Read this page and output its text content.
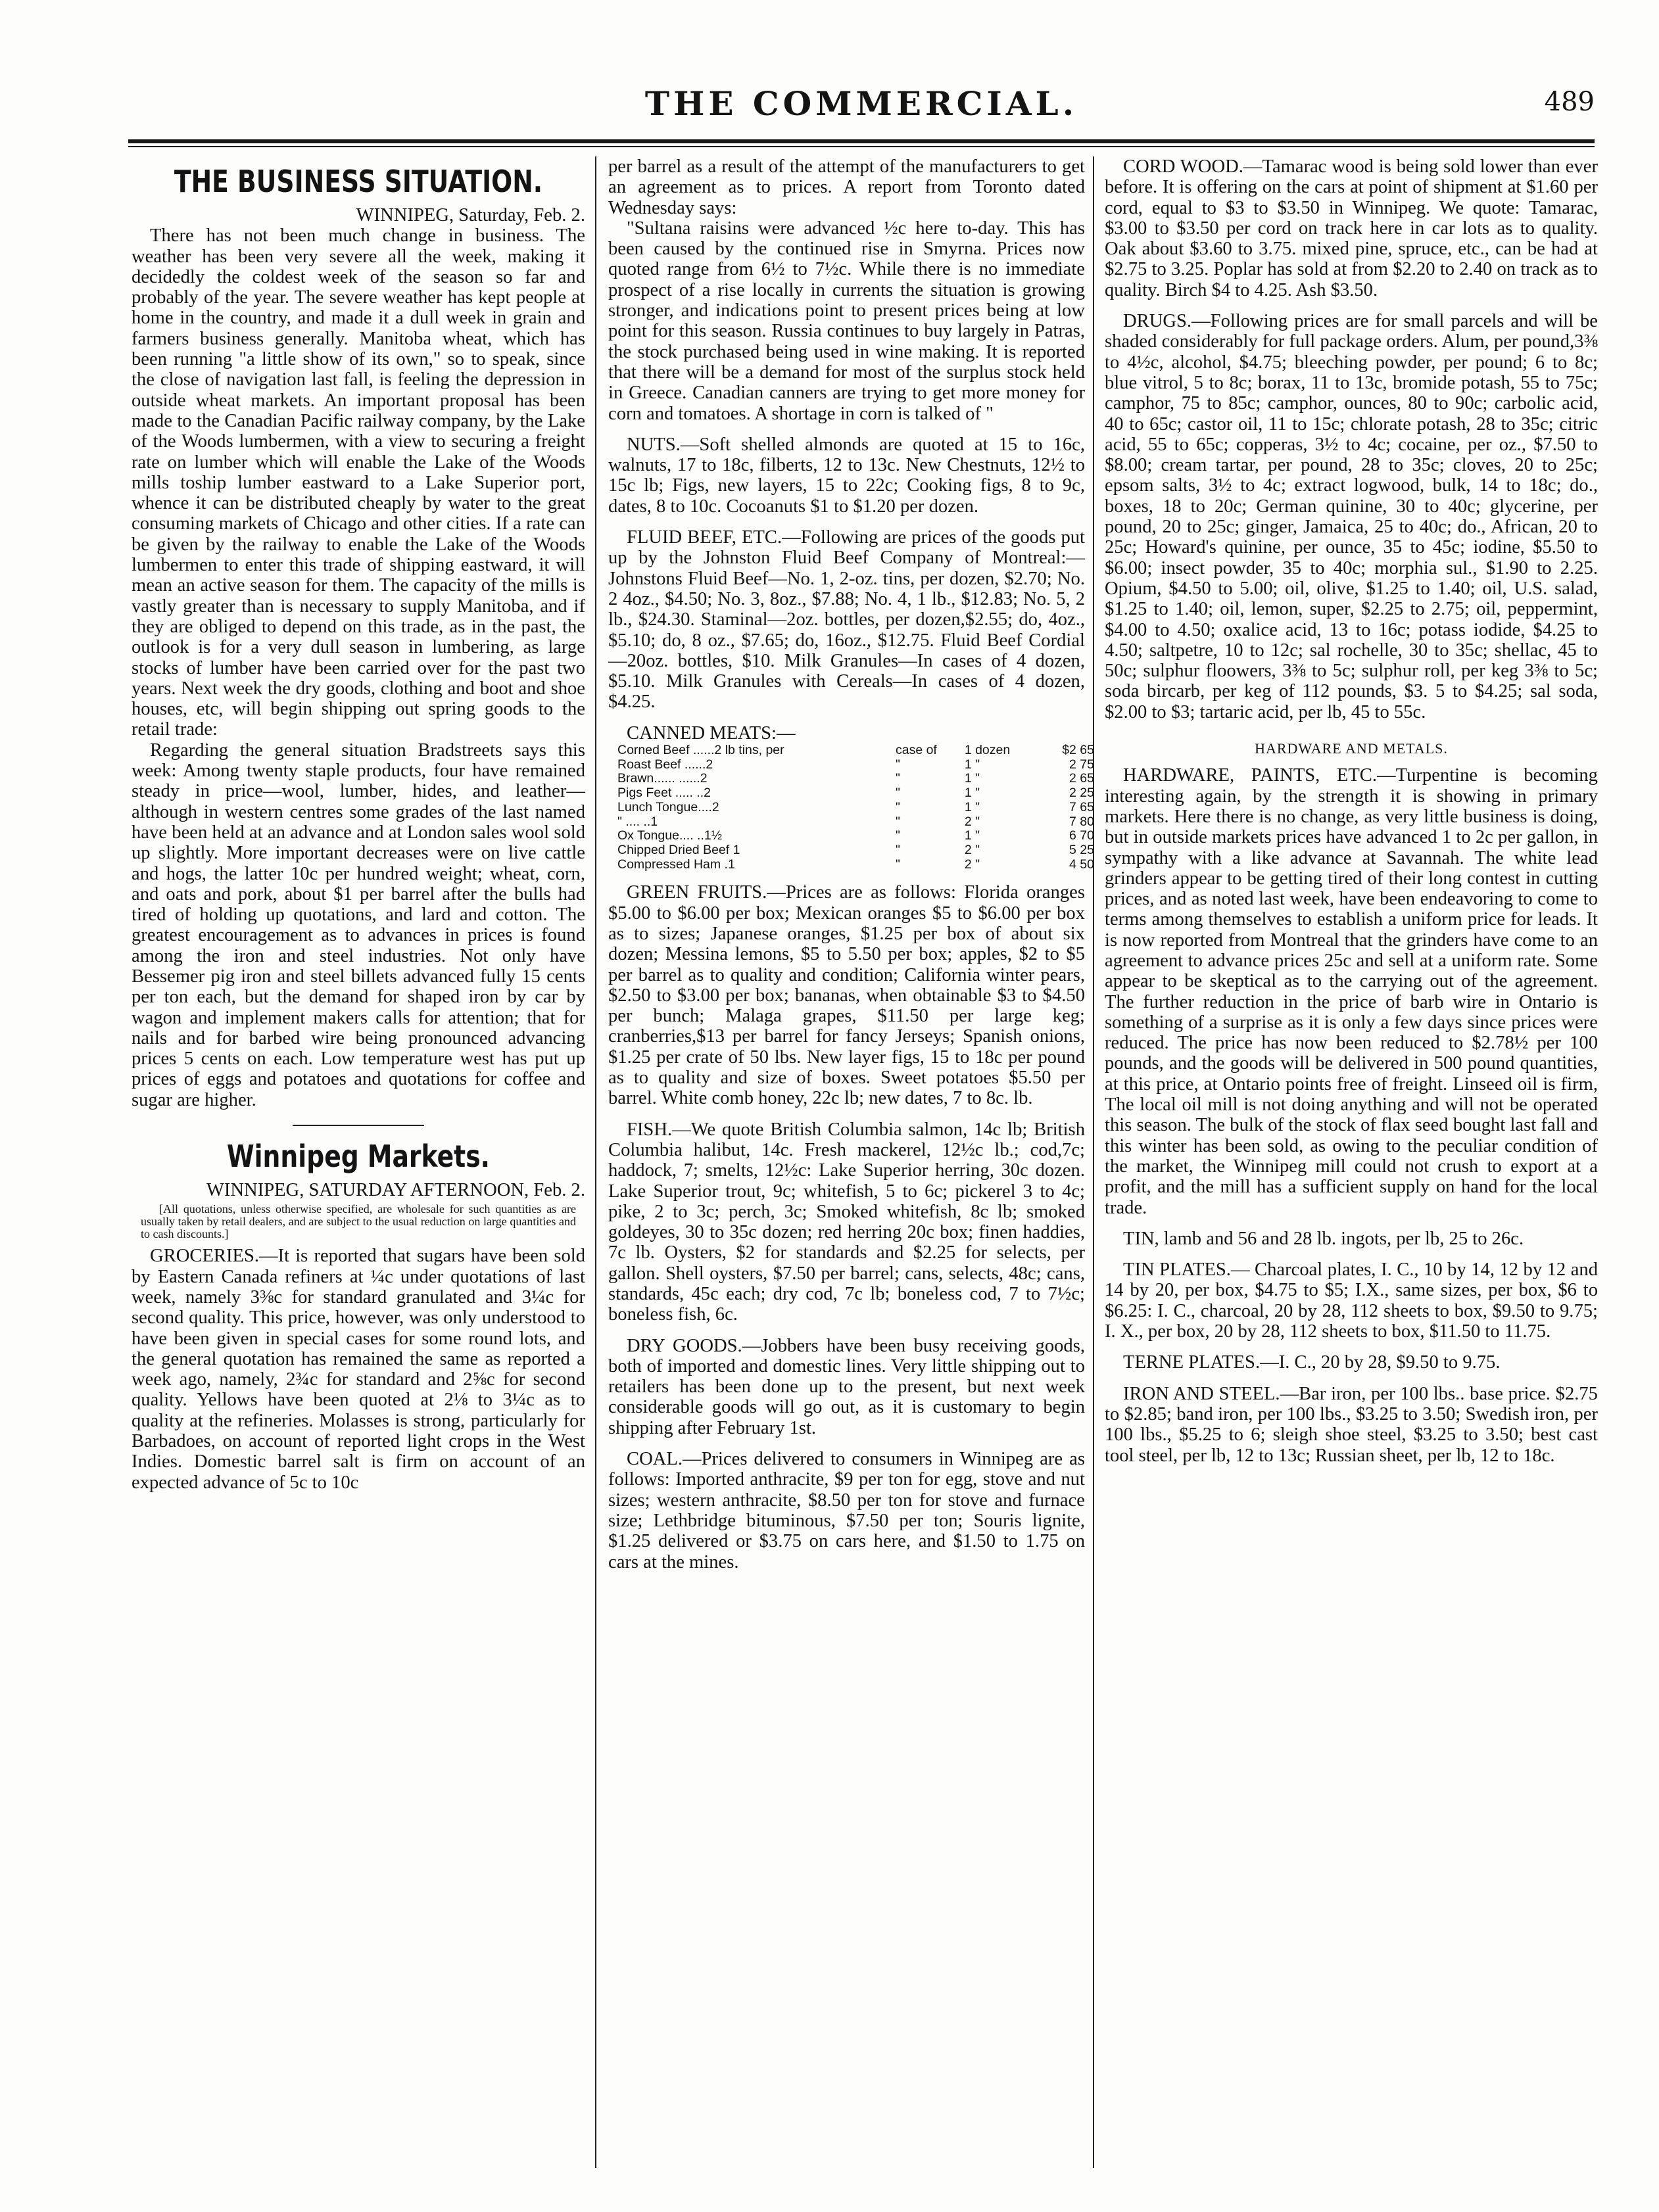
THE COMMERCIAL.	489
THE BUSINESS SITUATION.

WINNIPEG, Saturday, Feb. 2.

There has not been much change in business. The weather has been very severe all the week, making it decidedly the coldest week of the season so far and probably of the year. The severe weather has kept people at home in the country, and made it a dull week in grain and farmers business generally. Manitoba wheat, which has been running "a little show of its own," so to speak, since the close of navigation last fall, is feeling the depression in outside wheat markets. An important proposal has been made to the Canadian Pacific railway company, by the Lake of the Woods lumbermen, with a view to securing a freight rate on lumber which will enable the Lake of the Woods mills toship lumber eastward to a Lake Superior port, whence it can be distributed cheaply by water to the great consuming markets of Chicago and other cities. If a rate can be given by the railway to enable the Lake of the Woods lumbermen to enter this trade of shipping eastward, it will mean an active season for them. The capacity of the mills is vastly greater than is necessary to supply Manitoba, and if they are obliged to depend on this trade, as in the past, the outlook is for a very dull season in lumbering, as large stocks of lumber have been carried over for the past two years. Next week the dry goods, clothing and boot and shoe houses, etc, will begin shipping out spring goods to the retail trade:

Regarding the general situation Bradstreets says this week: Among twenty staple products, four have remained steady in price—wool, lumber, hides, and leather—although in western centres some grades of the last named have been held at an advance and at London sales wool sold up slightly. More important decreases were on live cattle and hogs, the latter 10c per hundred weight; wheat, corn, and oats and pork, about $1 per barrel after the bulls had tired of holding up quotations, and lard and cotton. The greatest encouragement as to advances in prices is found among the iron and steel industries. Not only have Bessemer pig iron and steel billets advanced fully 15 cents per ton each, but the demand for shaped iron by car by wagon and implement makers calls for attention; that for nails and for barbed wire being pronounced advancing prices 5 cents on each. Low temperature west has put up prices of eggs and potatoes and quotations for coffee and sugar are higher.

Winnipeg Markets.

WINNIPEG, SATURDAY AFTERNOON, Feb. 2.

[All quotations, unless otherwise specified, are wholesale for such quantities as are usually taken by retail dealers, and are subject to the usual reduction on large quantities and to cash discounts.]

GROCERIES.—It is reported that sugars have been sold by Eastern Canada refiners at ¼c under quotations of last week, namely 3⅜c for standard granulated and 3¼c for second quality. This price, however, was only understood to have been given in special cases for some round lots, and the general quotation has remained the same as reported a week ago, namely, 2¾c for standard and 2⅝c for second quality. Yellows have been quoted at 2⅛ to 3¼c as to quality at the refineries. Molasses is strong, particularly for Barbadoes, on account of reported light crops in the West Indies. Domestic barrel salt is firm on account of an expected advance of 5c to 10c

per barrel as a result of the attempt of the manufacturers to get an agreement as to prices. A report from Toronto dated Wednesday says:

"Sultana raisins were advanced ½c here to-day. This has been caused by the continued rise in Smyrna. Prices now quoted range from 6½ to 7½c. While there is no immediate prospect of a rise locally in currents the situation is growing stronger, and indications point to present prices being at low point for this season. Russia continues to buy largely in Patras, the stock purchased being used in wine making. It is reported that there will be a demand for most of the surplus stock held in Greece. Canadian canners are trying to get more money for corn and tomatoes. A shortage in corn is talked of "

NUTS.—Soft shelled almonds are quoted at 15 to 16c, walnuts, 17 to 18c, filberts, 12 to 13c. New Chestnuts, 12½ to 15c lb; Figs, new layers, 15 to 22c; Cooking figs, 8 to 9c, dates, 8 to 10c. Cocoanuts $1 to $1.20 per dozen.

FLUID BEEF, ETC.—Following are prices of the goods put up by the Johnston Fluid Beef Company of Montreal:—Johnstons Fluid Beef—No. 1, 2-oz. tins, per dozen, $2.70; No. 2 4oz., $4.50; No. 3, 8oz., $7.88; No. 4, 1 lb., $12.83; No. 5, 2 lb., $24.30. Staminal—2oz. bottles, per dozen,$2.55; do, 4oz., $5.10; do, 8 oz., $7.65; do, 16oz., $12.75. Fluid Beef Cordial—20oz. bottles, $10. Milk Granules—In cases of 4 dozen, $5.10. Milk Granules with Cereals—In cases of 4 dozen, $4.25.

CANNED MEATS:—

Corned Beef ......2 lb tins, per	case of	1 dozen	$2 65
Roast Beef ......2	"	1 "	2 75
Brawn...... ......2	"	1 "	2 65
Pigs Feet ..... ..2	"	1 "	2 25
Lunch Tongue....2	"	1 "	7 65
" .... ..1	"	2 "	7 80
Ox Tongue.... ..1½	"	1 "	6 70
Chipped Dried Beef 1	"	2 "	5 25
Compressed Ham .1	"	2 "	4 50

GREEN FRUITS.—Prices are as follows: Florida oranges $5.00 to $6.00 per box; Mexican oranges $5 to $6.00 per box as to sizes; Japanese oranges, $1.25 per box of about six dozen; Messina lemons, $5 to 5.50 per box; apples, $2 to $5 per barrel as to quality and condition; California winter pears, $2.50 to $3.00 per box; bananas, when obtainable $3 to $4.50 per bunch; Malaga grapes, $11.50 per large keg; cranberries,$13 per barrel for fancy Jerseys; Spanish onions, $1.25 per crate of 50 lbs. New layer figs, 15 to 18c per pound as to quality and size of boxes. Sweet potatoes $5.50 per barrel. White comb honey, 22c lb; new dates, 7 to 8c. lb.

FISH.—We quote British Columbia salmon, 14c lb; British Columbia halibut, 14c. Fresh mackerel, 12½c lb.; cod,7c; haddock, 7; smelts, 12½c: Lake Superior herring, 30c dozen. Lake Superior trout, 9c; whitefish, 5 to 6c; pickerel 3 to 4c; pike, 2 to 3c; perch, 3c; Smoked whitefish, 8c lb; smoked goldeyes, 30 to 35c dozen; red herring 20c box; finen haddies, 7c lb. Oysters, $2 for standards and $2.25 for selects, per gallon. Shell oysters, $7.50 per barrel; cans, selects, 48c; cans, standards, 45c each; dry cod, 7c lb; boneless cod, 7 to 7½c; boneless fish, 6c.

DRY GOODS.—Jobbers have been busy receiving goods, both of imported and domestic lines. Very little shipping out to retailers has been done up to the present, but next week considerable goods will go out, as it is customary to begin shipping after February 1st.

COAL.—Prices delivered to consumers in Winnipeg are as follows: Imported anthracite, $9 per ton for egg, stove and nut sizes; western anthracite, $8.50 per ton for stove and furnace size; Lethbridge bituminous, $7.50 per ton; Souris lignite, $1.25 delivered or $3.75 on cars here, and $1.50 to 1.75 on cars at the mines.

CORD WOOD.—Tamarac wood is being sold lower than ever before. It is offering on the cars at point of shipment at $1.60 per cord, equal to $3 to $3.50 in Winnipeg. We quote: Tamarac, $3.00 to $3.50 per cord on track here in car lots as to quality. Oak about $3.60 to 3.75. mixed pine, spruce, etc., can be had at $2.75 to 3.25. Poplar has sold at from $2.20 to 2.40 on track as to quality. Birch $4 to 4.25. Ash $3.50.

DRUGS.—Following prices are for small parcels and will be shaded considerably for full package orders. Alum, per pound,3⅜ to 4½c, alcohol, $4.75; bleeching powder, per pound; 6 to 8c; blue vitrol, 5 to 8c; borax, 11 to 13c, bromide potash, 55 to 75c; camphor, 75 to 85c; camphor, ounces, 80 to 90c; carbolic acid, 40 to 65c; castor oil, 11 to 15c; chlorate potash, 28 to 35c; citric acid, 55 to 65c; copperas, 3½ to 4c; cocaine, per oz., $7.50 to $8.00; cream tartar, per pound, 28 to 35c; cloves, 20 to 25c; epsom salts, 3½ to 4c; extract logwood, bulk, 14 to 18c; do., boxes, 18 to 20c; German quinine, 30 to 40c; glycerine, per pound, 20 to 25c; ginger, Jamaica, 25 to 40c; do., African, 20 to 25c; Howard's quinine, per ounce, 35 to 45c; iodine, $5.50 to $6.00; insect powder, 35 to 40c; morphia sul., $1.90 to 2.25. Opium, $4.50 to 5.00; oil, olive, $1.25 to 1.40; oil, U.S. salad, $1.25 to 1.40; oil, lemon, super, $2.25 to 2.75; oil, peppermint, $4.00 to 4.50; oxalice acid, 13 to 16c; potass iodide, $4.25 to 4.50; saltpetre, 10 to 12c; sal rochelle, 30 to 35c; shellac, 45 to 50c; sulphur floowers, 3⅜ to 5c; sulphur roll, per keg 3⅜ to 5c; soda bircarb, per keg of 112 pounds, $3. 5 to $4.25; sal soda, $2.00 to $3; tartaric acid, per lb, 45 to 55c.

HARDWARE AND METALS.

HARDWARE, PAINTS, ETC.—Turpentine is becoming interesting again, by the strength it is showing in primary markets. Here there is no change, as very little business is doing, but in outside markets prices have advanced 1 to 2c per gallon, in sympathy with a like advance at Savannah. The white lead grinders appear to be getting tired of their long contest in cutting prices, and as noted last week, have been endeavoring to come to terms among themselves to establish a uniform price for leads. It is now reported from Montreal that the grinders have come to an agreement to advance prices 25c and sell at a uniform rate. Some appear to be skeptical as to the carrying out of the agreement. The further reduction in the price of barb wire in Ontario is something of a surprise as it is only a few days since prices were reduced. The price has now been reduced to $2.78½ per 100 pounds, and the goods will be delivered in 500 pound quantities, at this price, at Ontario points free of freight. Linseed oil is firm, The local oil mill is not doing anything and will not be operated this season. The bulk of the stock of flax seed bought last fall and this winter has been sold, as owing to the peculiar condition of the market, the Winnipeg mill could not crush to export at a profit, and the mill has a sufficient supply on hand for the local trade.

TIN, lamb and 56 and 28 lb. ingots, per lb, 25 to 26c.

TIN PLATES.— Charcoal plates, I. C., 10 by 14, 12 by 12 and 14 by 20, per box, $4.75 to $5; I.X., same sizes, per box, $6 to $6.25: I. C., charcoal, 20 by 28, 112 sheets to box, $9.50 to 9.75; I. X., per box, 20 by 28, 112 sheets to box, $11.50 to 11.75.

TERNE PLATES.—I. C., 20 by 28, $9.50 to 9.75.

IRON AND STEEL.—Bar iron, per 100 lbs.. base price. $2.75 to $2.85; band iron, per 100 lbs., $3.25 to 3.50; Swedish iron, per 100 lbs., $5.25 to 6; sleigh shoe steel, $3.25 to 3.50; best cast tool steel, per lb, 12 to 13c; Russian sheet, per lb, 12 to 18c.
